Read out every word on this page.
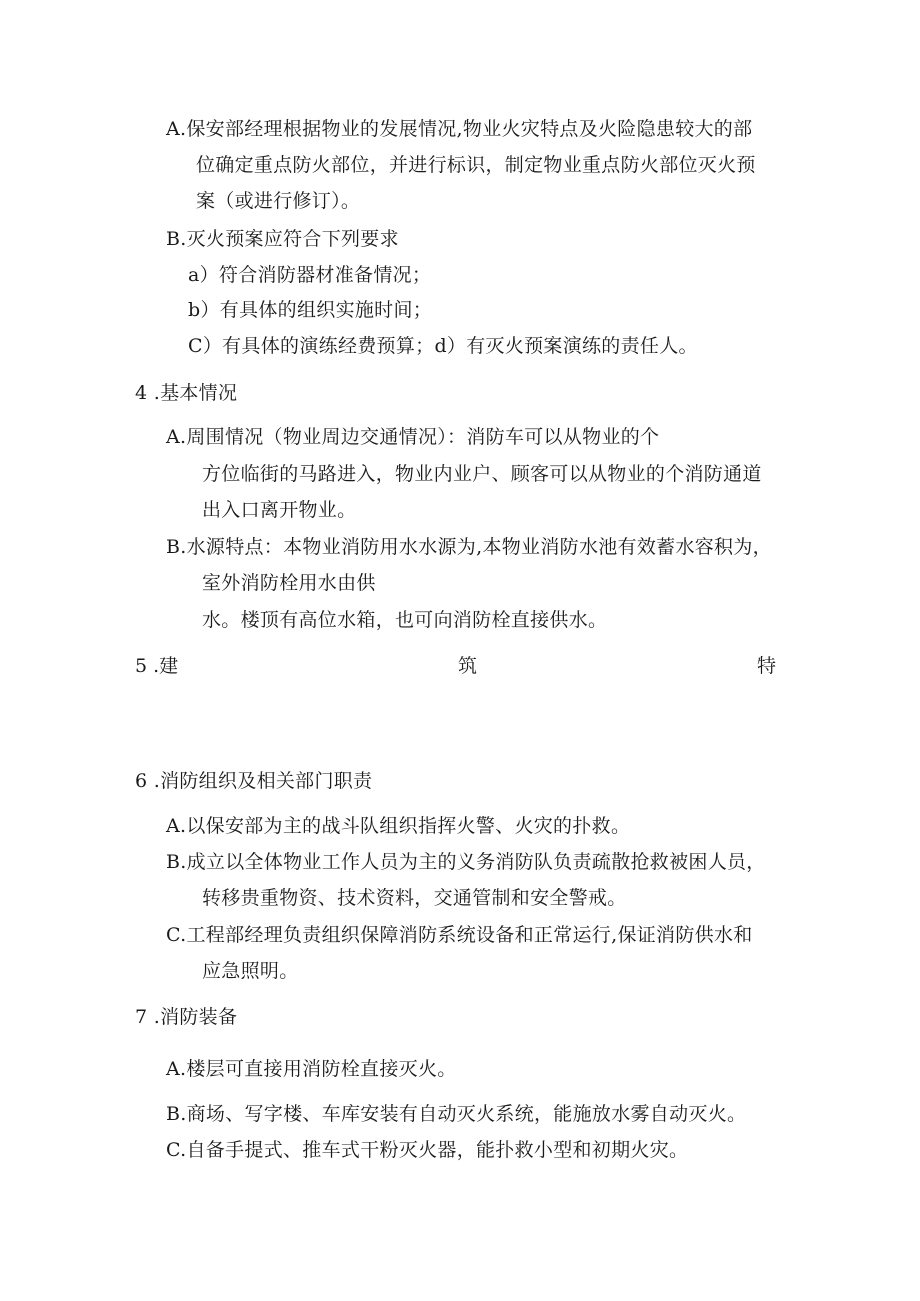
A.保安部经理根据物业的发展情况,物业火灾特点及火险隐患较大的部
位确定重点防火部位，并进行标识，制定物业重点防火部位灭火预
案（或进行修订）。
B.灭火预案应符合下列要求
a）符合消防器材准备情况；
b）有具体的组织实施时间；
C）有具体的演练经费预算；d）有灭火预案演练的责任人。
4 .基本情况
A.周围情况（物业周边交通情况）：消防车可以从物业的个
方位临街的马路进入，物业内业户、顾客可以从物业的个消防通道
出入口离开物业。
B.水源特点：本物业消防用水水源为,本物业消防水池有效蓄水容积为，
室外消防栓用水由供
水。楼顶有高位水箱，也可向消防栓直接供水。
5 .建	筑	特
6 .消防组织及相关部门职责
A.以保安部为主的战斗队组织指挥火警、火灾的扑救。
B.成立以全体物业工作人员为主的义务消防队负责疏散抢救被困人员，
转移贵重物资、技术资料，交通管制和安全警戒。
C.工程部经理负责组织保障消防系统设备和正常运行,保证消防供水和
应急照明。
7 .消防装备
A.楼层可直接用消防栓直接灭火。
B.商场、写字楼、车库安装有自动灭火系统，能施放水雾自动灭火。
C.自备手提式、推车式干粉灭火器，能扑救小型和初期火灾。
